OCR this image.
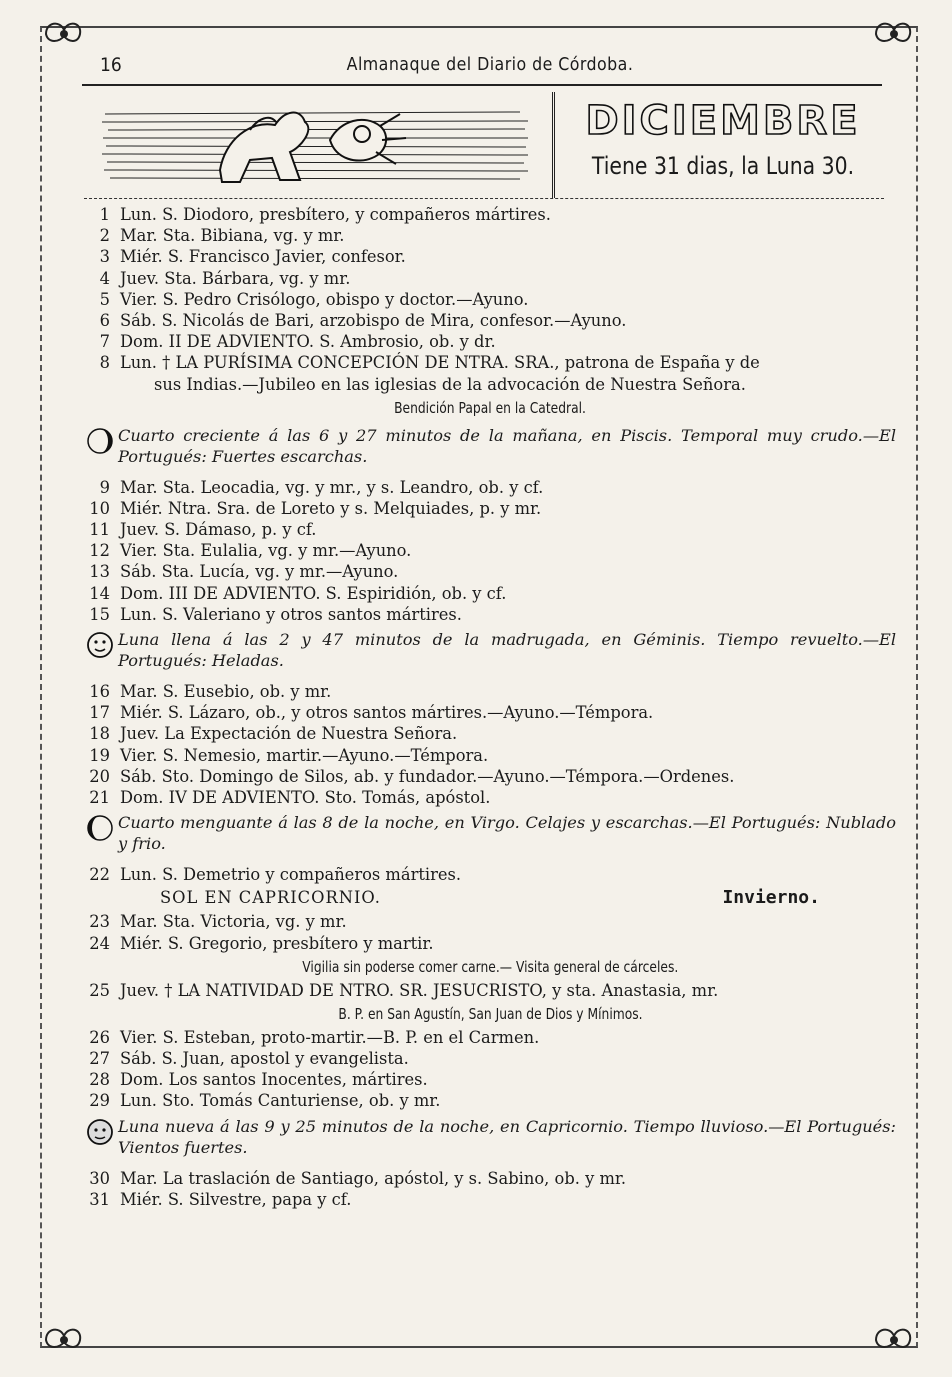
16	Almanaque del Diario de Córdoba.
DICIEMBRE
Tiene 31 dias, la Luna 30.
1 Lun. S. Diodoro, presbítero, y compañeros mártires.
2 Mar. Sta. Bibiana, vg. y mr.
3 Miér. S. Francisco Javier, confesor.
4 Juev. Sta. Bárbara, vg. y mr.
5 Vier. S. Pedro Crisólogo, obispo y doctor.—Ayuno.
6 Sáb. S. Nicolás de Bari, arzobispo de Mira, confesor.—Ayuno.
7 Dom. II DE ADVIENTO. S. Ambrosio, ob. y dr.
8 Lun. † LA PURÍSIMA CONCEPCIÓN DE NTRA. SRA., patrona de España y de
sus Indias.—Jubileo en las iglesias de la advocación de Nuestra Señora.
Bendición Papal en la Catedral.
Cuarto creciente á las 6 y 27 minutos de la mañana, en Piscis. Temporal muy crudo.—El Portugués: Fuertes escarchas.
9 Mar. Sta. Leocadia, vg. y mr., y s. Leandro, ob. y cf.
10 Miér. Ntra. Sra. de Loreto y s. Melquiades, p. y mr.
11 Juev. S. Dámaso, p. y cf.
12 Vier. Sta. Eulalia, vg. y mr.—Ayuno.
13 Sáb. Sta. Lucía, vg. y mr.—Ayuno.
14 Dom. III DE ADVIENTO. S. Espiridión, ob. y cf.
15 Lun. S. Valeriano y otros santos mártires.
Luna llena á las 2 y 47 minutos de la madrugada, en Géminis. Tiempo revuelto.—El Portugués: Heladas.
16 Mar. S. Eusebio, ob. y mr.
17 Miér. S. Lázaro, ob., y otros santos mártires.—Ayuno.—Témpora.
18 Juev. La Expectación de Nuestra Señora.
19 Vier. S. Nemesio, martir.—Ayuno.—Témpora.
20 Sáb. Sto. Domingo de Silos, ab. y fundador.—Ayuno.—Témpora.—Ordenes.
21 Dom. IV DE ADVIENTO. Sto. Tomás, apóstol.
Cuarto menguante á las 8 de la noche, en Virgo. Celajes y escarchas.—El Portugués: Nublado y frio.
22 Lun. S. Demetrio y compañeros mártires.
SOL EN CAPRICORNIO.	Invierno.
23 Mar. Sta. Victoria, vg. y mr.
24 Miér. S. Gregorio, presbítero y martir.
Vigilia sin poderse comer carne.— Visita general de cárceles.
25 Juev. † LA NATIVIDAD DE NTRO. SR. JESUCRISTO, y sta. Anastasia, mr.
B. P. en San Agustín, San Juan de Dios y Mínimos.
26 Vier. S. Esteban, proto-martir.—B. P. en el Carmen.
27 Sáb. S. Juan, apostol y evangelista.
28 Dom. Los santos Inocentes, mártires.
29 Lun. Sto. Tomás Canturiense, ob. y mr.
Luna nueva á las 9 y 25 minutos de la noche, en Capricornio. Tiempo lluvioso.—El Portugués: Vientos fuertes.
30 Mar. La traslación de Santiago, apóstol, y s. Sabino, ob. y mr.
31 Miér. S. Silvestre, papa y cf.
